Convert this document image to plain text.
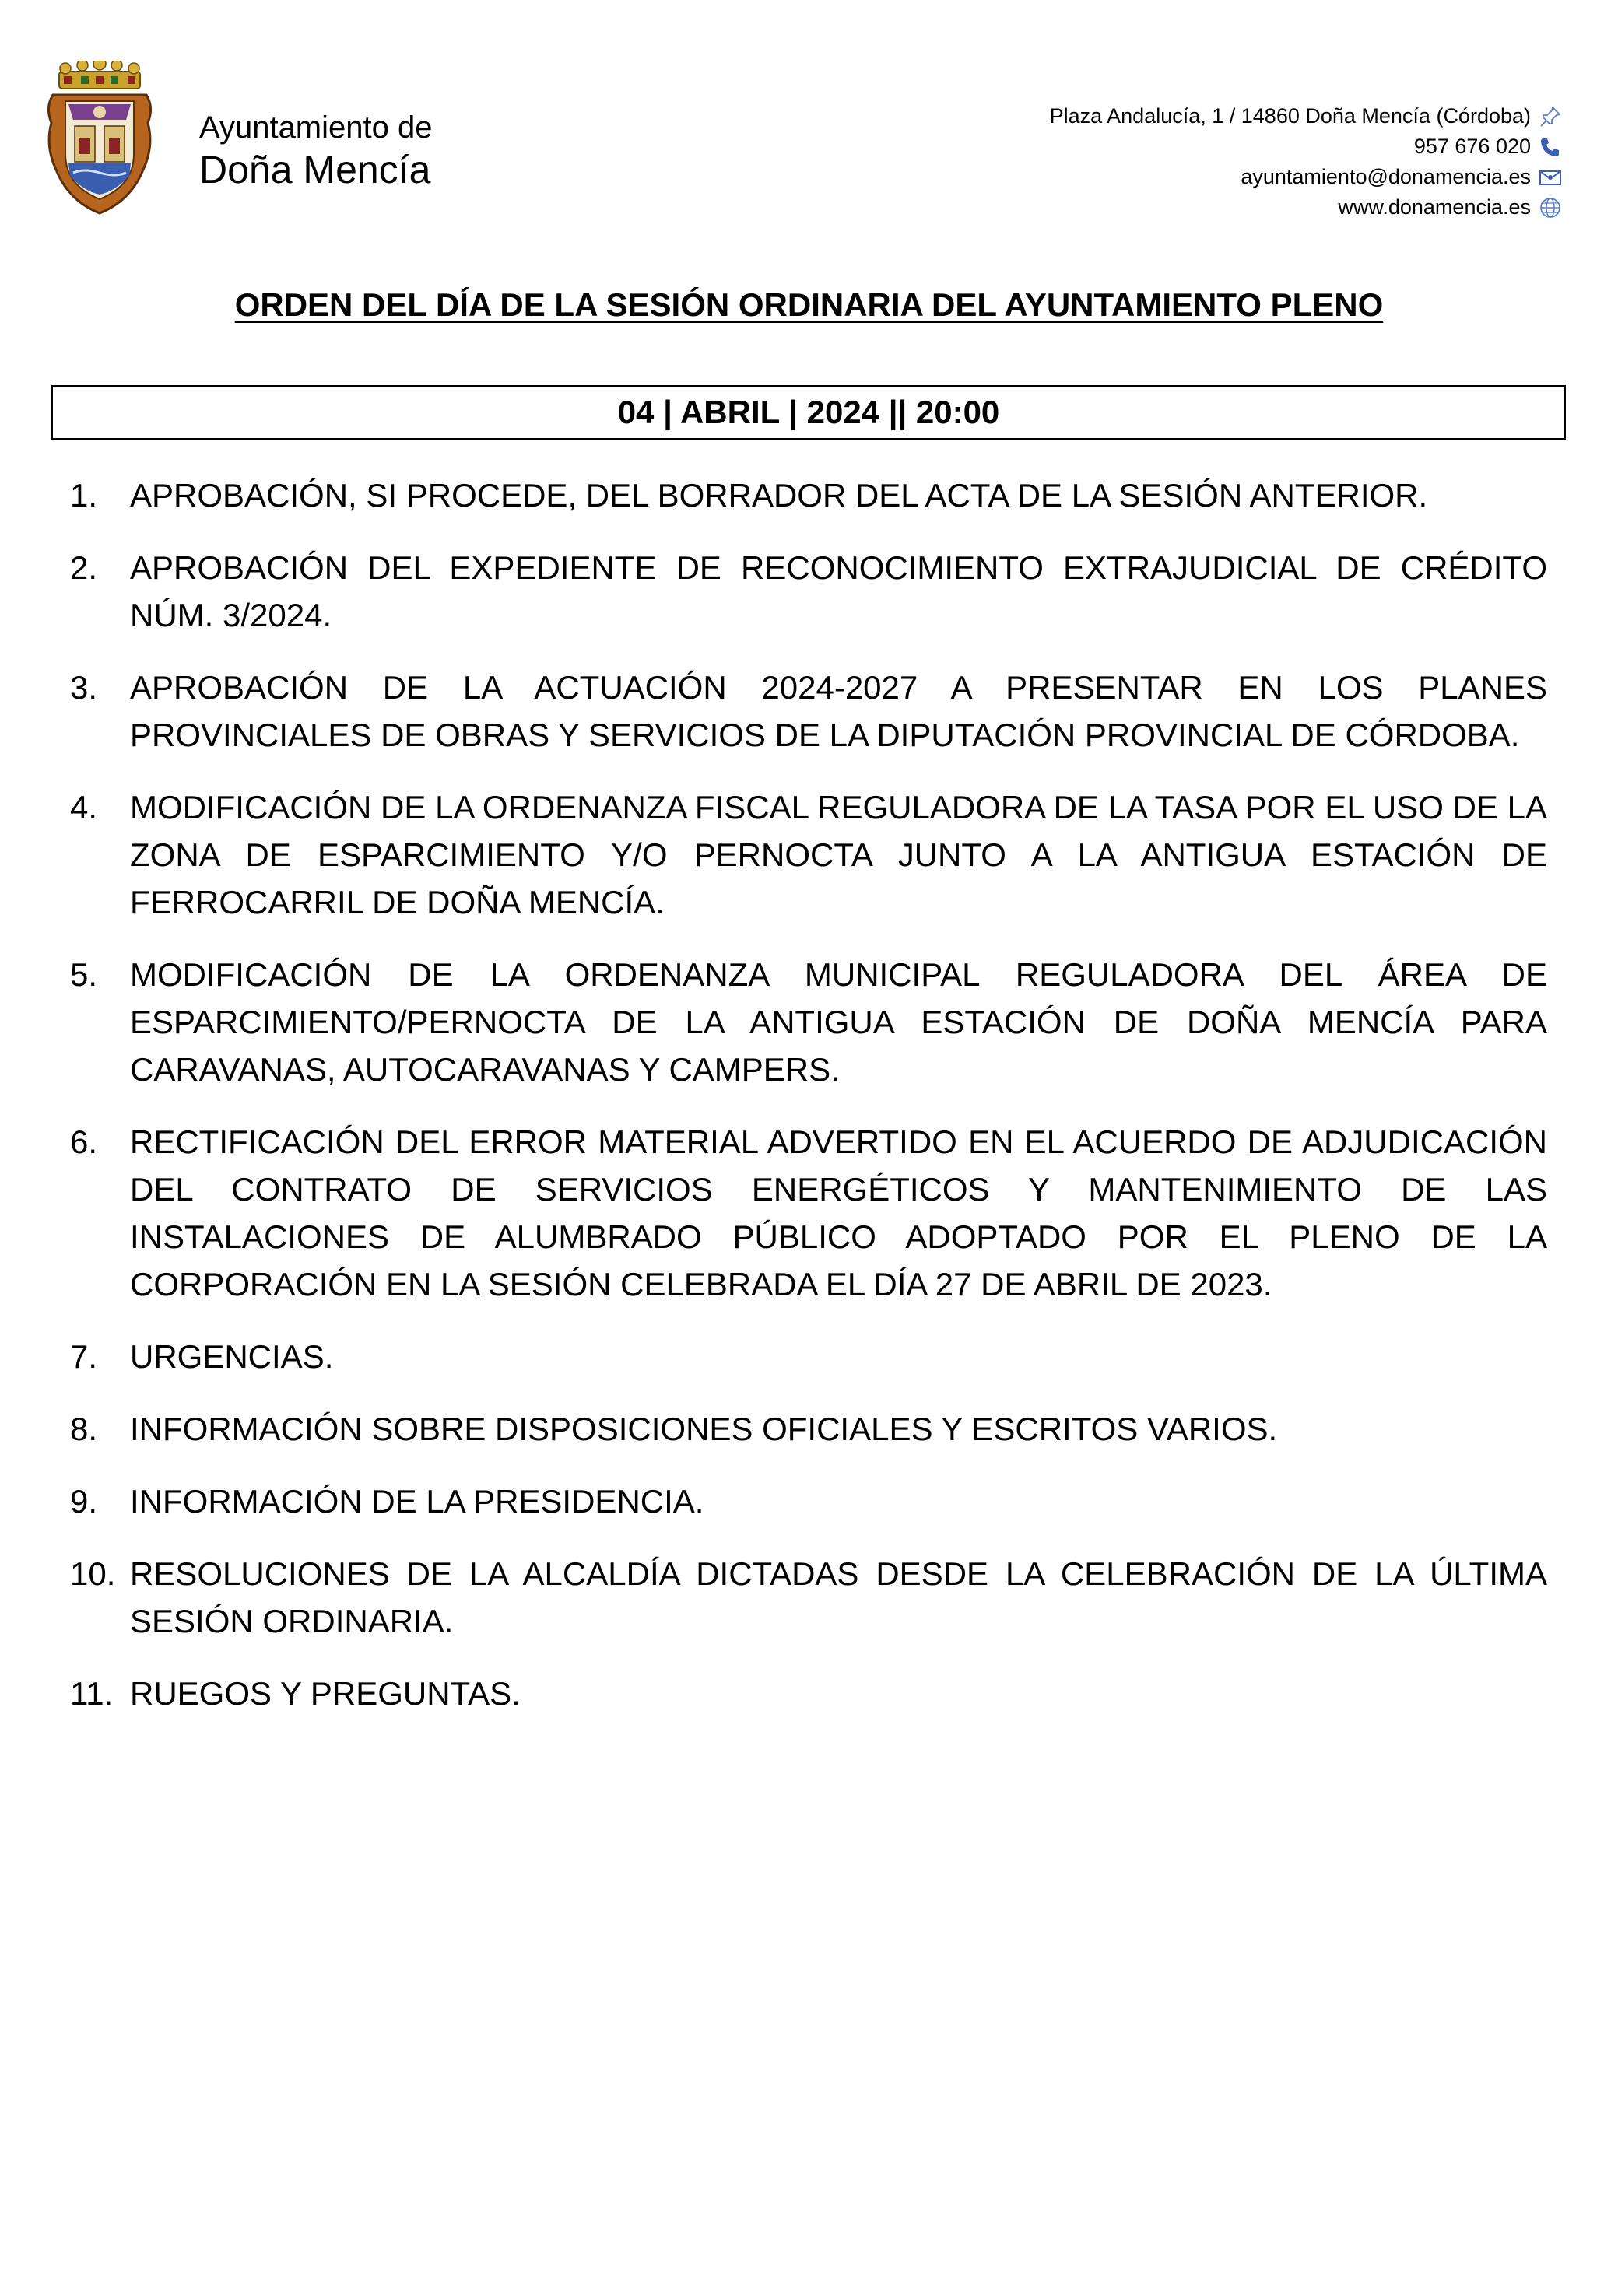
Ayuntamiento de
Doña Mencía
Plaza Andalucía, 1 / 14860 Doña Mencía (Córdoba)
957 676 020
ayuntamiento@donamencia.es
www.donamencia.es
ORDEN DEL DÍA DE LA SESIÓN ORDINARIA DEL AYUNTAMIENTO PLENO
04 | ABRIL | 2024 || 20:00
1. APROBACIÓN, SI PROCEDE, DEL BORRADOR DEL ACTA DE LA SESIÓN ANTERIOR.
2. APROBACIÓN DEL EXPEDIENTE DE RECONOCIMIENTO EXTRAJUDICIAL DE CRÉDITO NÚM. 3/2024.
3. APROBACIÓN DE LA ACTUACIÓN 2024-2027 A PRESENTAR EN LOS PLANES PROVINCIALES DE OBRAS Y SERVICIOS DE LA DIPUTACIÓN PROVINCIAL DE CÓRDOBA.
4. MODIFICACIÓN DE LA ORDENANZA FISCAL REGULADORA DE LA TASA POR EL USO DE LA ZONA DE ESPARCIMIENTO Y/O PERNOCTA JUNTO A LA ANTIGUA ESTACIÓN DE FERROCARRIL DE DOÑA MENCÍA.
5. MODIFICACIÓN DE LA ORDENANZA MUNICIPAL REGULADORA DEL ÁREA DE ESPARCIMIENTO/PERNOCTA DE LA ANTIGUA ESTACIÓN DE DOÑA MENCÍA PARA CARAVANAS, AUTOCARAVANAS Y CAMPERS.
6. RECTIFICACIÓN DEL ERROR MATERIAL ADVERTIDO EN EL ACUERDO DE ADJUDICACIÓN DEL CONTRATO DE SERVICIOS ENERGÉTICOS Y MANTENIMIENTO DE LAS INSTALACIONES DE ALUMBRADO PÚBLICO ADOPTADO POR EL PLENO DE LA CORPORACIÓN EN LA SESIÓN CELEBRADA EL DÍA 27 DE ABRIL DE 2023.
7. URGENCIAS.
8. INFORMACIÓN SOBRE DISPOSICIONES OFICIALES Y ESCRITOS VARIOS.
9. INFORMACIÓN DE LA PRESIDENCIA.
10. RESOLUCIONES DE LA ALCALDÍA DICTADAS DESDE LA CELEBRACIÓN DE LA ÚLTIMA SESIÓN ORDINARIA.
11. RUEGOS Y PREGUNTAS.
